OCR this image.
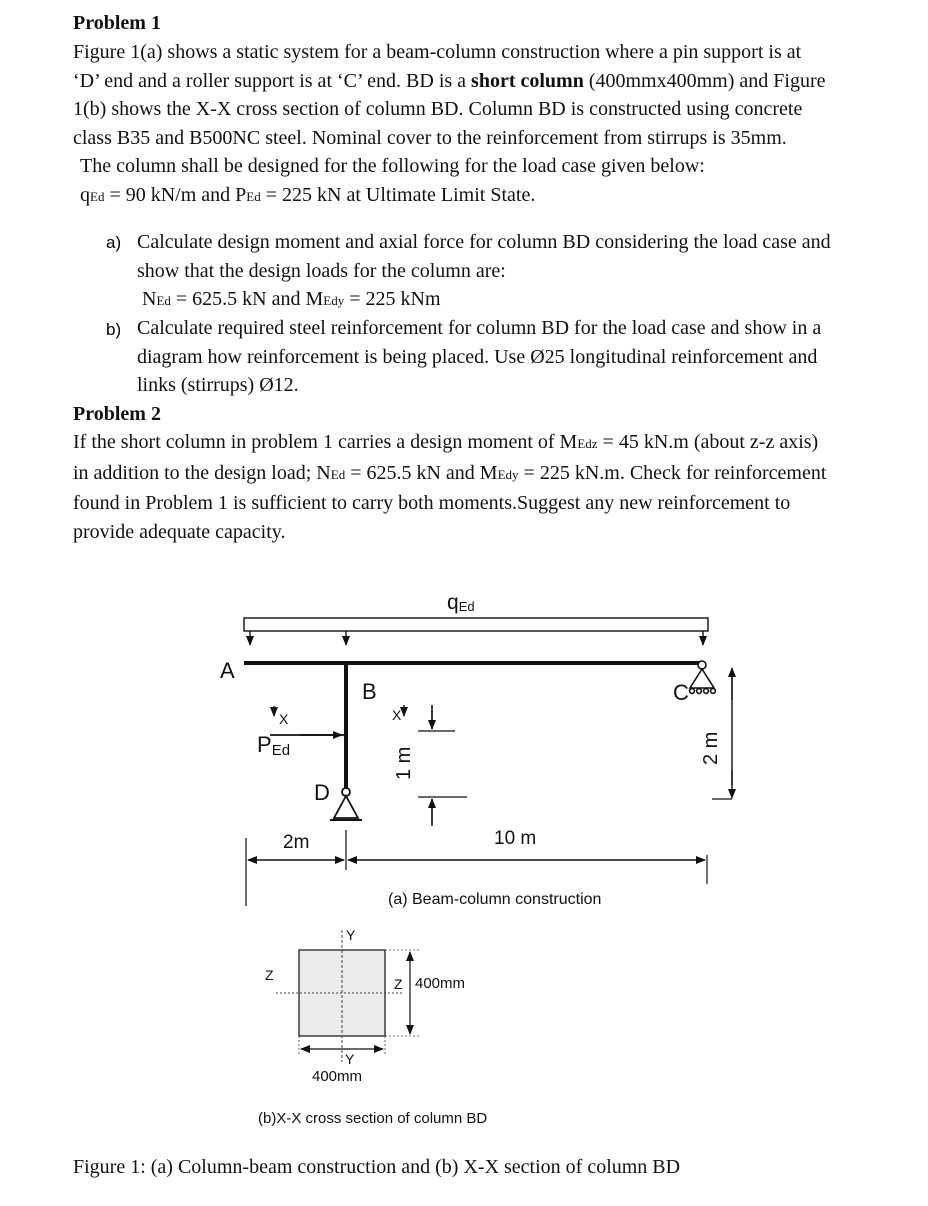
Problem 1

Figure 1(a) shows a static system for a beam-column construction where a pin support is at
‘D’ end and a roller support is at ‘C’ end. BD is a short column (400mmx400mm) and Figure
1(b) shows the X-X cross section of column BD. Column BD is constructed using concrete
class B35 and B500NC steel. Nominal cover to the reinforcement from stirrups is 35mm.

The column shall be designed for the following for the load case given below:
qEd = 90 kN/m and PEd = 225 kN at Ultimate Limit State.

a) Calculate design moment and axial force for column BD considering the load case and
show that the design loads for the column are:
NEd = 625.5 kN and MEdy = 225 kNm

b) Calculate required steel reinforcement for column BD for the load case and show in a
diagram how reinforcement is being placed. Use Ø25 longitudinal reinforcement and
links (stirrups) Ø12.

Problem 2

If the short column in problem 1 carries a design moment of MEdz = 45 kN.m (about z-z axis)
in addition to the design load; NEd = 625.5 kN and MEdy = 225 kN.m. Check for reinforcement
found in Problem 1 is sufficient to carry both moments.Suggest any new reinforcement to
provide adequate capacity.

qEd
A
B
PEd
X	X
D
1 m
C
2 m
2m	10 m
(a) Beam-column construction
Y
Y
Z
Z 400mm
400mm
(b)X-X cross section of column BD
Figure 1: (a) Column-beam construction and (b) X-X section of column BD
